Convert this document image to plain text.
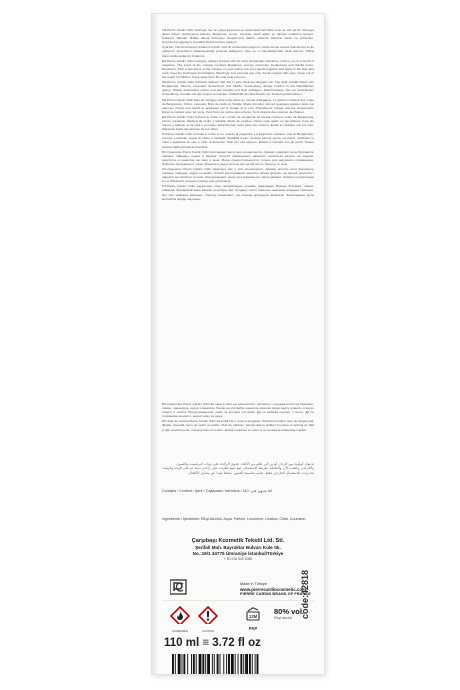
TR-Pierre Cardin Odin Kolonya, her an şıkça karşınıza en karizmatik hali bilinir tonu ile sizi şık bir dünyaya davet ediyor. Kolonya'nın kokusu; Bergamot, Limon, Lavanta, Sedir ağacı ve Vanilya notalarını içeriyor. Kullanım Talimatı: Birkaç damla kolonyayı avuçlarınıza dökün, ellerinizi birbirine sürün ve yüzünüze, boynunuza uygulayın. Ferahlık hissini hemen yaşayın.

Uyarılar: Yalnızca haricen kullanım içindir. Göz ile temasından kaçının. Gözle temas etmesi halinde bol su ile yıkayınız. Çocukların ulaşamayacağı yerlerde saklayınız. Alev ve ısı kaynaklarından uzak tutunuz. Tahriş durumunda kullanımı bırakınız.

EN-Pierre Cardin Odin Cologne, always present with its most charismatic character, invites you to a world of elegance. The scent of the cologne contains Bergamot, Lemon, Lavender, Cedarwood and Vanilla notes. Directions: Pour a few drops of the cologne on your palms, rub your hands together and apply to the face and neck. Feel the freshness immediately. Warnings: For external use only. Avoid contact with eyes. Keep out of the reach of children. Keep away from fire and heat sources.

DE-Pierre Cardin Odin Kölnisch Wasser lädt Sie in eine Welt der Eleganz ein. Der Duft enthält Noten von Bergamotte, Zitrone, Lavendel, Zedernholz und Vanille. Anwendung: Einige Tropfen in die Handflächen geben, Hände aneinander reiben und auf Gesicht und Hals auftragen. Warnhinweise: Nur zur äußerlichen Anwendung. Kontakt mit den Augen vermeiden. Außerhalb der Reichweite von Kindern aufbewahren.

FR-Pierre Cardin Odin Eau de Cologne vous invite dans un monde d'élégance. Le parfum contient des notes de Bergamote, Citron, Lavande, Bois de cèdre et Vanille. Mode d'emploi: Versez quelques gouttes dans vos paumes, frottez vos mains et appliquez sur le visage et le cou. Précautions: Usage externe uniquement. Éviter le contact avec les yeux. Tenir hors de portée des enfants. Tenir éloigné des sources de chaleur.

ES-Pierre Cardin Odin Colonia le invita a un mundo de elegancia. El aroma contiene notas de Bergamota, Limón, Lavanda, Madera de cedro y Vainilla. Modo de empleo: Vierta unas gotas en las palmas, frote las manos y aplique en la cara y el cuello. Advertencias: Solo para uso externo. Evitar el contacto con los ojos. Mantener fuera del alcance de los niños.

IT-Pierre Cardin Odin Colonia vi invita in un mondo di eleganza. La fragranza contiene note di Bergamotto, Limone, Lavanda, Legno di cedro e Vaniglia. Modalità d'uso: Versare alcune gocce sui palmi, strofinare le mani e applicare su viso e collo. Avvertenze: Solo per uso esterno. Evitare il contatto con gli occhi. Tenere lontano dalla portata dei bambini.

RU-Одеколон Pierre Cardin Odin приглашает вас в мир элегантности. Аромат содержит ноты бергамота, лимона, лаванды, кедра и ванили. Способ применения: нанесите несколько капель на ладони, разотрите и нанесите на лицо и шею. Меры предосторожности: только для наружного применения. Избегать попадания в глаза. Хранить в недоступном для детей месте. Беречь от огня.

UA-Одеколон Pierre Cardin Odin запрошує вас у світ елегантності. Аромат містить ноти бергамоту, лимона, лаванди, кедра та ванілі. Спосіб застосування: нанесіть кілька крапель на долоні, розітріть і нанесіть на обличчя та шию. Застереження: лише для зовнішнього застосування. Уникати потрапляння в очі. Зберігати в недоступному для дітей місці.

KZ-Pierre Cardin Odin одеколоны сізді талғампаздық әлеміне шақырады. Иісінде бергамот, лимон, лаванда, балқарағай және ваниль ноталары бар. Қолдану тәсілі: бірнеше тамшыны алақанға тамызып, бет пен мойынға жағыңыз. Сақтық шаралары: тек сыртқы қолдануға арналған. Балалардың қолы жетпейтін жерде сақтаңыз.

BG-Одеколон Pierre Cardin Odin ви кани в свят на елегантност. Ароматът съдържа нотки на бергамот, лимон, лавандула, кедър и ванилия. Начин на употреба: нанесете няколко капки върху дланите и върху лицето и шията. Предупреждения: само за външна употреба. Да се избягва контакт с очите. Да се съхранява на място, недостъпно за деца.

RO-Apa de colonie Pierre Cardin Odin vă invită într-o lume a eleganței. Parfumul conține note de bergamotă, lămâie, lavandă, lemn de cedru și vanilie. Mod de utilizare: turnați câteva picături în palme și aplicați pe față și gât. Avertismente: numai pentru uz extern. Evitați contactul cu ochii. A nu se lăsa la îndemâna copiilor.

تدعوك كولونيا بيير كاردان أودين إلى عالم من الأناقة. تحتوي الرائحة على نوتات البرغموت والليمون والخزامى وخشب الأرز والفانيليا. طريقة الاستعمال: ضع بضع قطرات على راحتي يديك ثم على الوجه والرقبة. تحذيرات: للاستعمال الخارجي فقط. تجنب ملامسة العينين. يحفظ بعيدا عن متناول الأطفال.
Contains / Content / İçerir / Содержит / місткість / يحتوي على: 110 ml
Ingredients / İçindekiler: Ethyl Alcohol, Aqua, Parfum, Limonene, Linalool, Citral, Coumarin.
Çarşıbaşı Kozmetik Tekstil Ltd. Sti.
Şerifali Mah. Bayraktar Bulvarı Kule Sk.
No.:19/1 34775 Ümraniye İstanbul/Türkiye
+ 90 216 540 4088
Made in Türkiye
www.pierrecardincosmetic.com
PIERRE CARDIN BRAND OF FRANCE
FLAMMABLE	CAUTION
12M
PAP
80% vol.
Ethyl alcohol
110 ml ≡ 3.72 fl oz
code:42818
8 680570 717311
